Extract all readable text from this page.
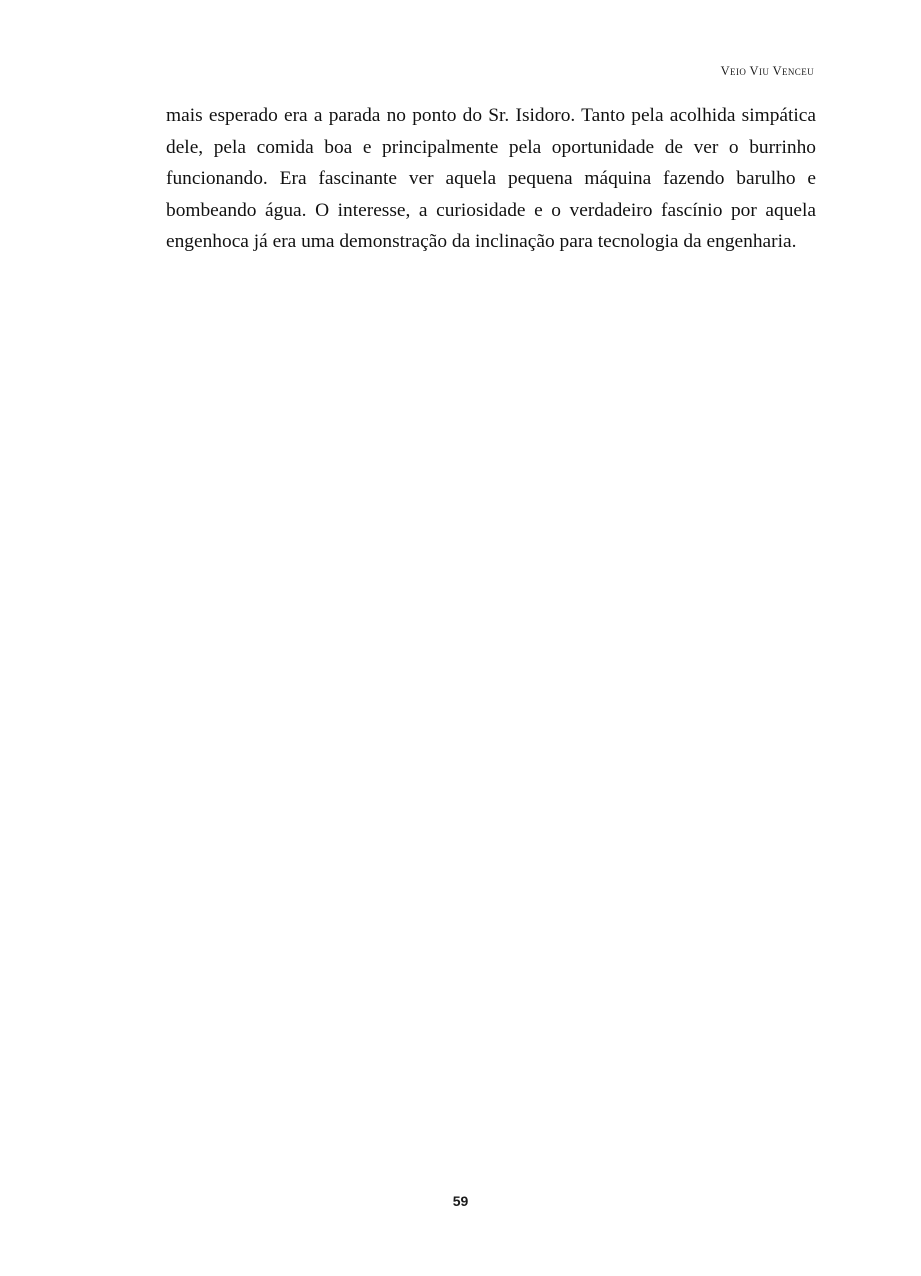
Veio Viu Venceu

mais esperado era a parada no ponto do Sr. Isidoro. Tanto pela acolhida simpática dele, pela comida boa e principalmente pela oportunidade de ver o burrinho funcionando. Era fascinante ver aquela pequena máquina fazendo barulho e bombeando água. O interesse, a curiosidade e o verdadeiro fascínio por aquela engenhoca já era uma demonstração da inclinação para tecnologia da engenharia.

59
